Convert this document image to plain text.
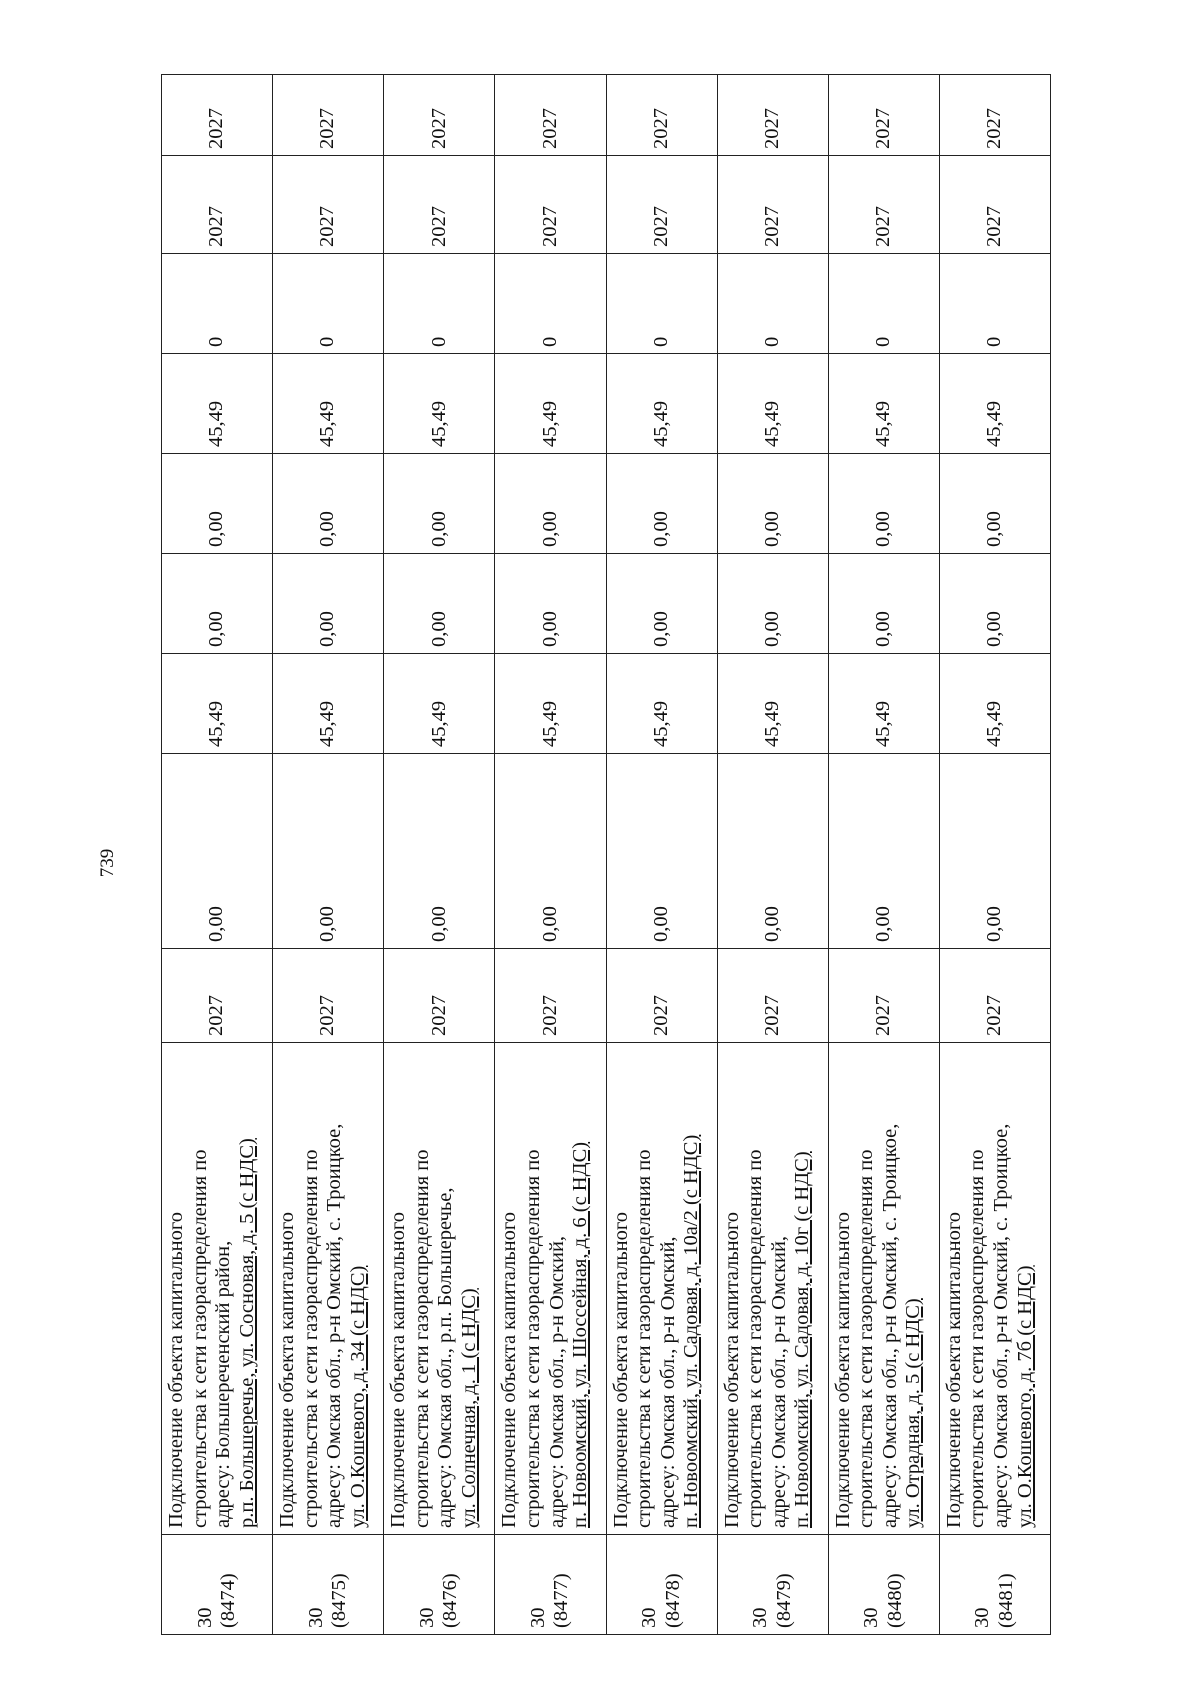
739
30
(8474)	Подключение объекта капитального строительства к сети газораспределения по адресу: Большереченский район, р.п. Большеречье, ул. Сосновая, д. 5 (с НДС)	2027	0,00	45,49	0,00	0,00	45,49	0	2027	2027
30
(8475)	Подключение объекта капитального строительства к сети газораспределения по адресу: Омская обл., р-н Омский, с. Троицкое, ул. О.Кошевого, д. 34 (с НДС)	2027	0,00	45,49	0,00	0,00	45,49	0	2027	2027
30
(8476)	Подключение объекта капитального строительства к сети газораспределения по адресу: Омская обл., р.п. Большеречье, ул. Солнечная, д. 1 (с НДС)	2027	0,00	45,49	0,00	0,00	45,49	0	2027	2027
30
(8477)	Подключение объекта капитального строительства к сети газораспределения по адресу: Омская обл., р-н Омский, п. Новоомский, ул. Шоссейная, д. 6 (с НДС)	2027	0,00	45,49	0,00	0,00	45,49	0	2027	2027
30
(8478)	Подключение объекта капитального строительства к сети газораспределения по адрсеу: Омская обл., р-н Омский, п. Новоомский, ул. Садовая, д. 10а/2 (с НДС)	2027	0,00	45,49	0,00	0,00	45,49	0	2027	2027
30
(8479)	Подключение объекта капитального строительства к сети газораспределения по адресу: Омская обл., р-н Омский, п. Новоомский, ул. Садовая, д. 10г (с НДС)	2027	0,00	45,49	0,00	0,00	45,49	0	2027	2027
30
(8480)	Подключение объекта капитального строительства к сети газораспределения по адресу: Омская обл., р-н Омский, с. Троицкое, ул. Отрадная, д. 5 (с НДС)	2027	0,00	45,49	0,00	0,00	45,49	0	2027	2027
30
(8481)	Подключение объекта капитального строительства к сети газораспределения по адресу: Омская обл., р-н Омский, с. Троицкое, ул. О.Кошевого, д. 7б (с НДС)	2027	0,00	45,49	0,00	0,00	45,49	0	2027	2027
